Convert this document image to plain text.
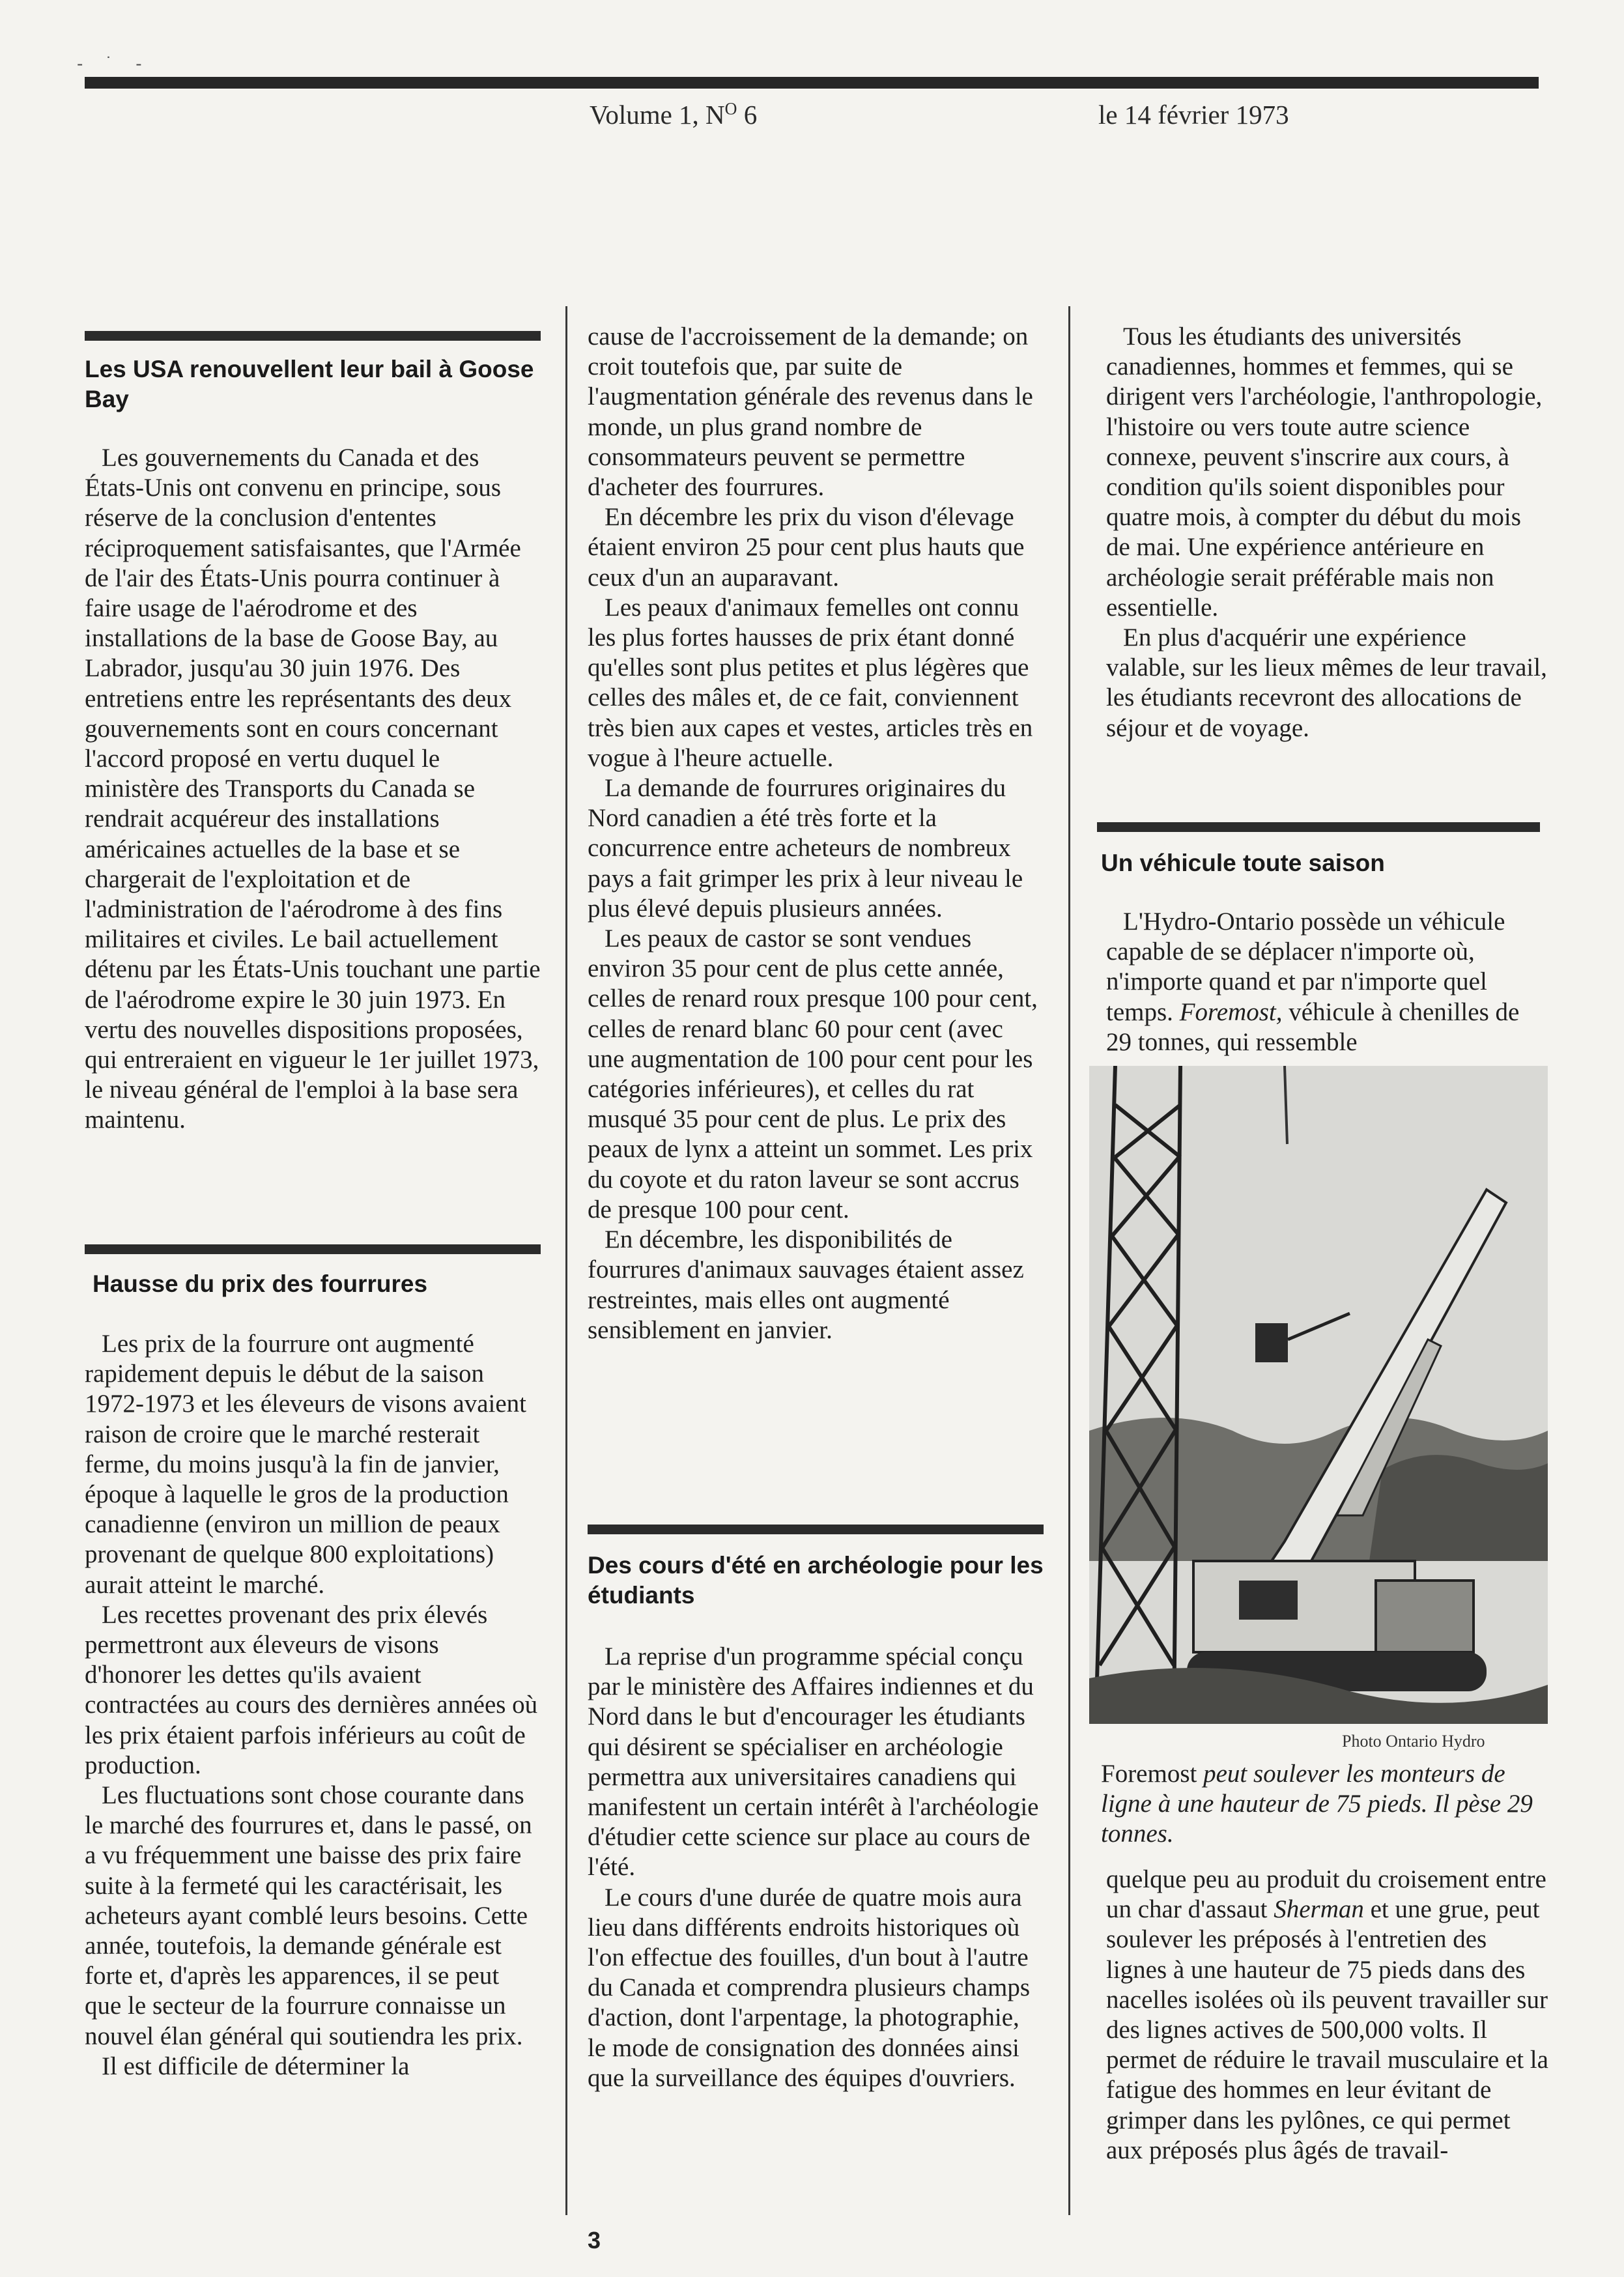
‑ ˙ ‑
Volume 1, $N^O$ 6	le 14 février 1973
Les USA renouvellent leur bail à Goose Bay

Les gouvernements du Canada et des États-Unis ont convenu en principe, sous réserve de la conclusion d'ententes réciproquement satisfaisantes, que l'Armée de l'air des États-Unis pourra continuer à faire usage de l'aérodrome et des installations de la base de Goose Bay, au Labrador, jusqu'au 30 juin 1976. Des entretiens entre les représentants des deux gouvernements sont en cours concernant l'accord proposé en vertu duquel le ministère des Transports du Canada se rendrait acquéreur des installations américaines actuelles de la base et se chargerait de l'exploitation et de l'administration de l'aérodrome à des fins militaires et civiles. Le bail actuellement détenu par les États-Unis touchant une partie de l'aérodrome expire le 30 juin 1973. En vertu des nouvelles dispositions proposées, qui entreraient en vigueur le 1er juillet 1973, le niveau général de l'emploi à la base sera maintenu.

Hausse du prix des fourrures

Les prix de la fourrure ont augmenté rapidement depuis le début de la saison 1972-1973 et les éleveurs de visons avaient raison de croire que le marché resterait ferme, du moins jusqu'à la fin de janvier, époque à laquelle le gros de la production canadienne (environ un million de peaux provenant de quelque 800 exploitations) aurait atteint le marché.

Les recettes provenant des prix élevés permettront aux éleveurs de visons d'honorer les dettes qu'ils avaient contractées au cours des dernières années où les prix étaient parfois inférieurs au coût de production.

Les fluctuations sont chose courante dans le marché des fourrures et, dans le passé, on a vu fréquemment une baisse des prix faire suite à la fermeté qui les caractérisait, les acheteurs ayant comblé leurs besoins. Cette année, toutefois, la demande générale est forte et, d'après les apparences, il se peut que le secteur de la fourrure connaisse un nouvel élan général qui soutiendra les prix.

Il est difficile de déterminer la

cause de l'accroissement de la demande; on croit toutefois que, par suite de l'augmentation générale des revenus dans le monde, un plus grand nombre de consommateurs peuvent se permettre d'acheter des fourrures.

En décembre les prix du vison d'élevage étaient environ 25 pour cent plus hauts que ceux d'un an auparavant.

Les peaux d'animaux femelles ont connu les plus fortes hausses de prix étant donné qu'elles sont plus petites et plus légères que celles des mâles et, de ce fait, conviennent très bien aux capes et vestes, articles très en vogue à l'heure actuelle.

La demande de fourrures originaires du Nord canadien a été très forte et la concurrence entre acheteurs de nombreux pays a fait grimper les prix à leur niveau le plus élevé depuis plusieurs années.

Les peaux de castor se sont vendues environ 35 pour cent de plus cette année, celles de renard roux presque 100 pour cent, celles de renard blanc 60 pour cent (avec une augmentation de 100 pour cent pour les catégories inférieures), et celles du rat musqué 35 pour cent de plus. Le prix des peaux de lynx a atteint un sommet. Les prix du coyote et du raton laveur se sont accrus de presque 100 pour cent.

En décembre, les disponibilités de fourrures d'animaux sauvages étaient assez restreintes, mais elles ont augmenté sensiblement en janvier.

Des cours d'été en archéologie pour les étudiants

La reprise d'un programme spécial conçu par le ministère des Affaires indiennes et du Nord dans le but d'encourager les étudiants qui désirent se spécialiser en archéologie permettra aux universitaires canadiens qui manifestent un certain intérêt à l'archéologie d'étudier cette science sur place au cours de l'été.

Le cours d'une durée de quatre mois aura lieu dans différents endroits historiques où l'on effectue des fouilles, d'un bout à l'autre du Canada et comprendra plusieurs champs d'action, dont l'arpentage, la photographie, le mode de consignation des données ainsi que la surveillance des équipes d'ouvriers.

Tous les étudiants des universités canadiennes, hommes et femmes, qui se dirigent vers l'archéologie, l'anthropologie, l'histoire ou vers toute autre science connexe, peuvent s'inscrire aux cours, à condition qu'ils soient disponibles pour quatre mois, à compter du début du mois de mai. Une expérience antérieure en archéologie serait préférable mais non essentielle.

En plus d'acquérir une expérience valable, sur les lieux mêmes de leur travail, les étudiants recevront des allocations de séjour et de voyage.

Un véhicule toute saison

L'Hydro-Ontario possède un véhicule capable de se déplacer n'importe où, n'importe quand et par n'importe quel temps. Foremost, véhicule à chenilles de 29 tonnes, qui ressemble

Photo Ontario Hydro
Foremost peut soulever les monteurs de ligne à une hauteur de 75 pieds. Il pèse 29 tonnes.

quelque peu au produit du croisement entre un char d'assaut Sherman et une grue, peut soulever les préposés à l'entretien des lignes à une hauteur de 75 pieds dans des nacelles isolées où ils peuvent travailler sur des lignes actives de 500,000 volts. Il permet de réduire le travail musculaire et la fatigue des hommes en leur évitant de grimper dans les pylônes, ce qui permet aux préposés plus âgés de travail-

3
